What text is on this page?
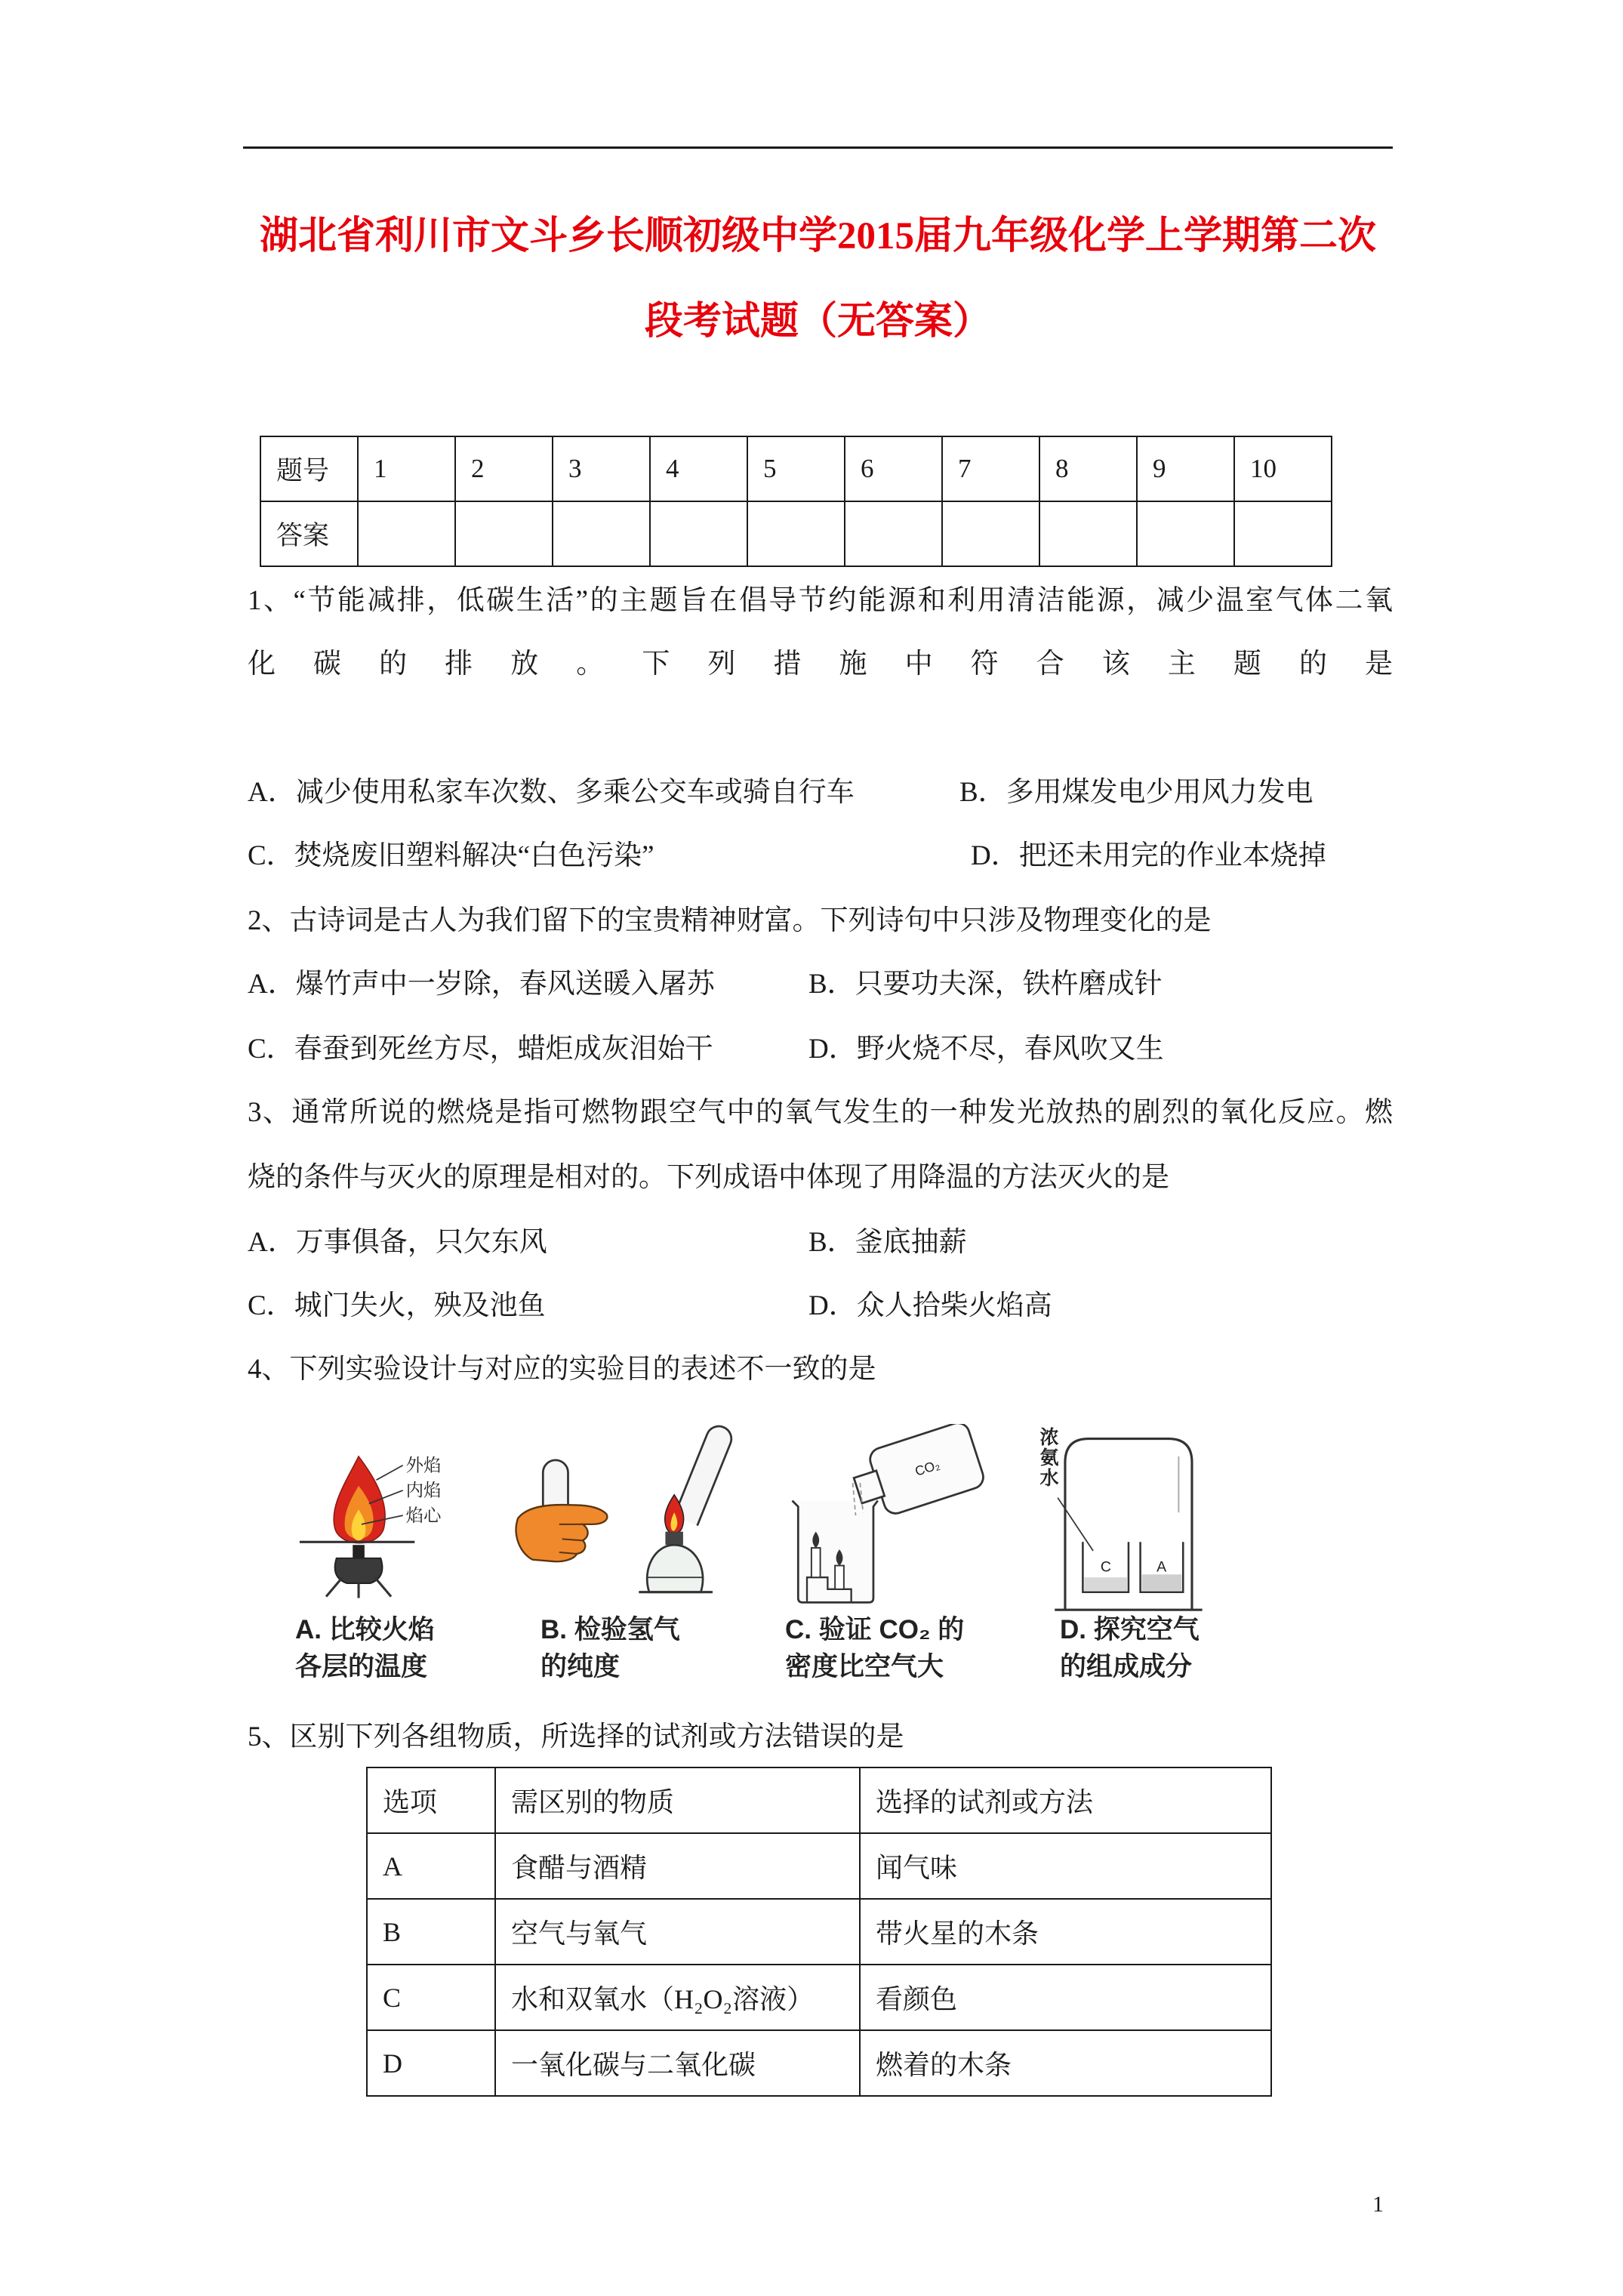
湖北省利川市文斗乡长顺初级中学2015届九年级化学上学期第二次
段考试题（无答案）
题号	1	2	3	4	5	6	7	8	9	10
答案										
1、“节能减排，低碳生活”的主题旨在倡导节约能源和利用清洁能源，减少温室气体二氧
化碳的排放。下列措施中符合该主题的是
A．减少使用私家车次数、多乘公交车或骑自行车	B．多用煤发电少用风力发电
C．焚烧废旧塑料解决“白色污染”	D．把还未用完的作业本烧掉
2、古诗词是古人为我们留下的宝贵精神财富。下列诗句中只涉及物理变化的是
A．爆竹声中一岁除，春风送暖入屠苏	B．只要功夫深，铁杵磨成针
C．春蚕到死丝方尽，蜡炬成灰泪始干	D．野火烧不尽，春风吹又生
3、通常所说的燃烧是指可燃物跟空气中的氧气发生的一种发光放热的剧烈的氧化反应。燃
烧的条件与灭火的原理是相对的。下列成语中体现了用降温的方法灭火的是
A．万事俱备，只欠东风	B．釜底抽薪
C．城门失火，殃及池鱼	D．众人拾柴火焰高
4、下列实验设计与对应的实验目的表述不一致的是
外焰
内焰
焰心
CO₂
C	A
浓氨水
A. 比较火焰
各层的温度
B. 检验氢气
的纯度
C. 验证 CO₂ 的
密度比空气大
D. 探究空气
的组成成分
5、区别下列各组物质，所选择的试剂或方法错误的是
选项	需区别的物质	选择的试剂或方法
A	食醋与酒精	闻气味
B	空气与氧气	带火星的木条
C	水和双氧水（H₂O₂溶液）	看颜色
D	一氧化碳与二氧化碳	燃着的木条
1
